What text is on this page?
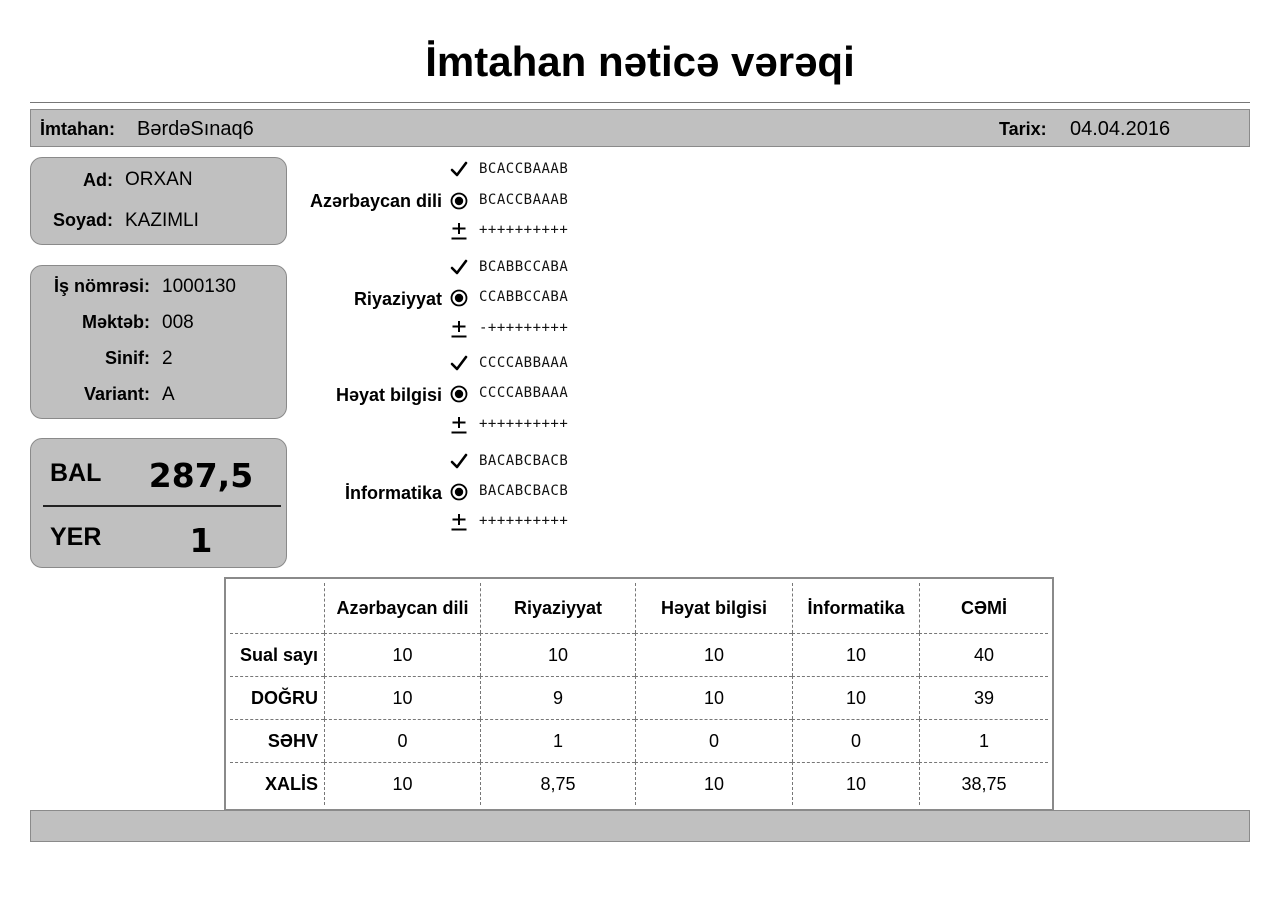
İmtahan nəticə vərəqi
İmtahan: BərdəSınaq6	Tarix: 04.04.2016
Ad: ORXAN
Soyad: KAZIMLI
İş nömrəsi: 1000130
Məktəb: 008
Sinif: 2
Variant: A
BAL 287,5
YER	1
Azərbaycan dili
BCACCBAAAB
BCACCBAAAB
++++++++++
Riyaziyyat
BCABBCCABA
CCABBCCABA
-+++++++++
Həyat bilgisi
CCCCABBAAA
CCCCABBAAA
++++++++++
İnformatika
BACABCBACB
BACABCBACB
++++++++++
	Azərbaycan dili	Riyaziyyat	Həyat bilgisi	İnformatika	CƏMİ
Sual sayı	10	10	10	10	40
DOĞRU	10	9	10	10	39
SƏHV	0	1	0	0	1
XALİS	10	8,75	10	10	38,75
